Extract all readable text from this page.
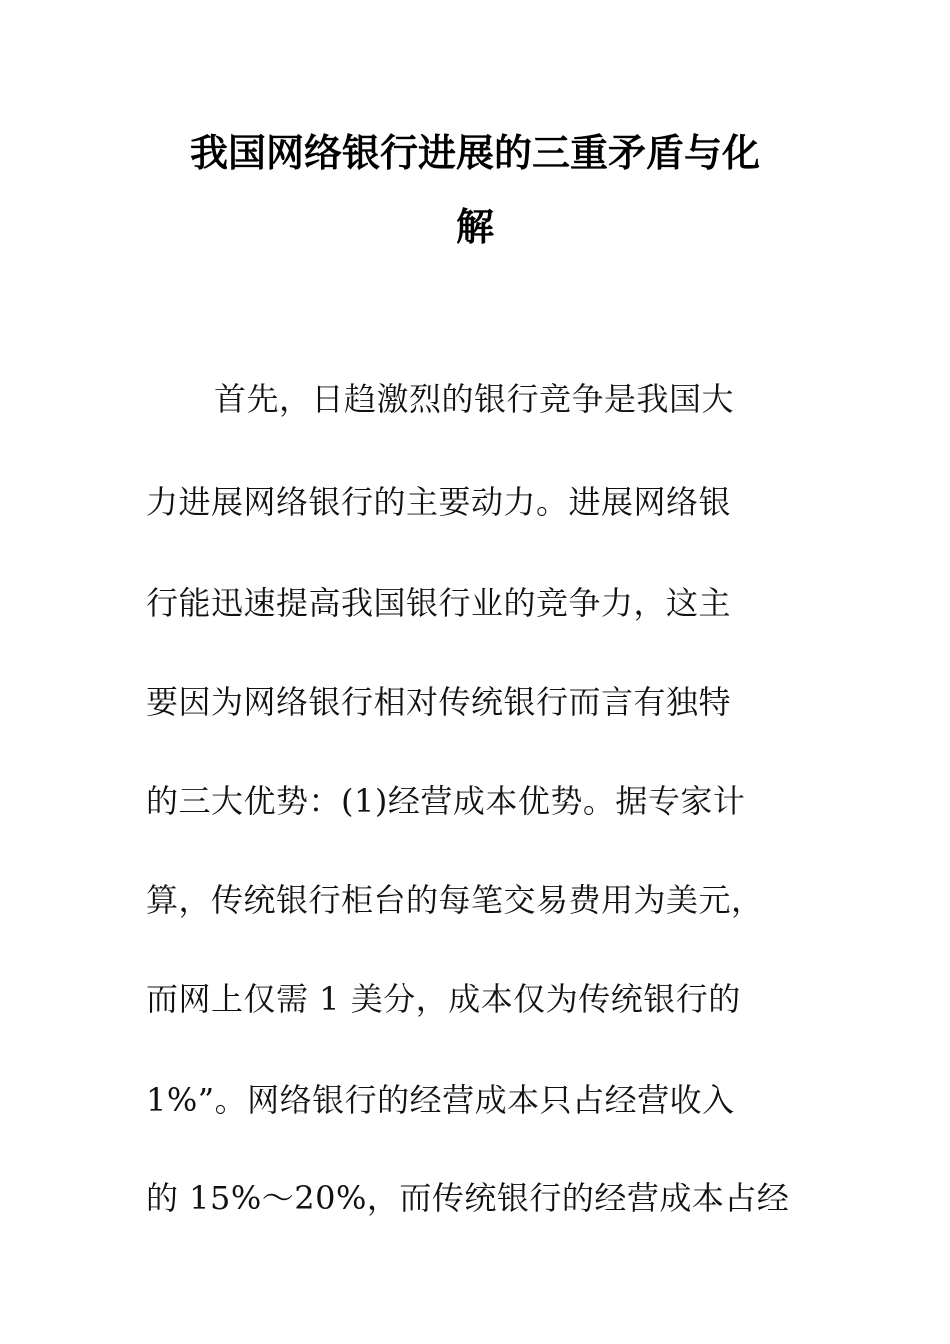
我国网络银行进展的三重矛盾与化
解
首先，日趋激烈的银行竞争是我国大
力进展网络银行的主要动力。进展网络银
行能迅速提高我国银行业的竞争力，这主
要因为网络银行相对传统银行而言有独特
的三大优势：(1)经营成本优势。据专家计
算，传统银行柜台的每笔交易费用为美元，
而网上仅需 1 美分，成本仅为传统银行的
1%”。网络银行的经营成本只占经营收入
的 15%～20%，而传统银行的经营成本占经
